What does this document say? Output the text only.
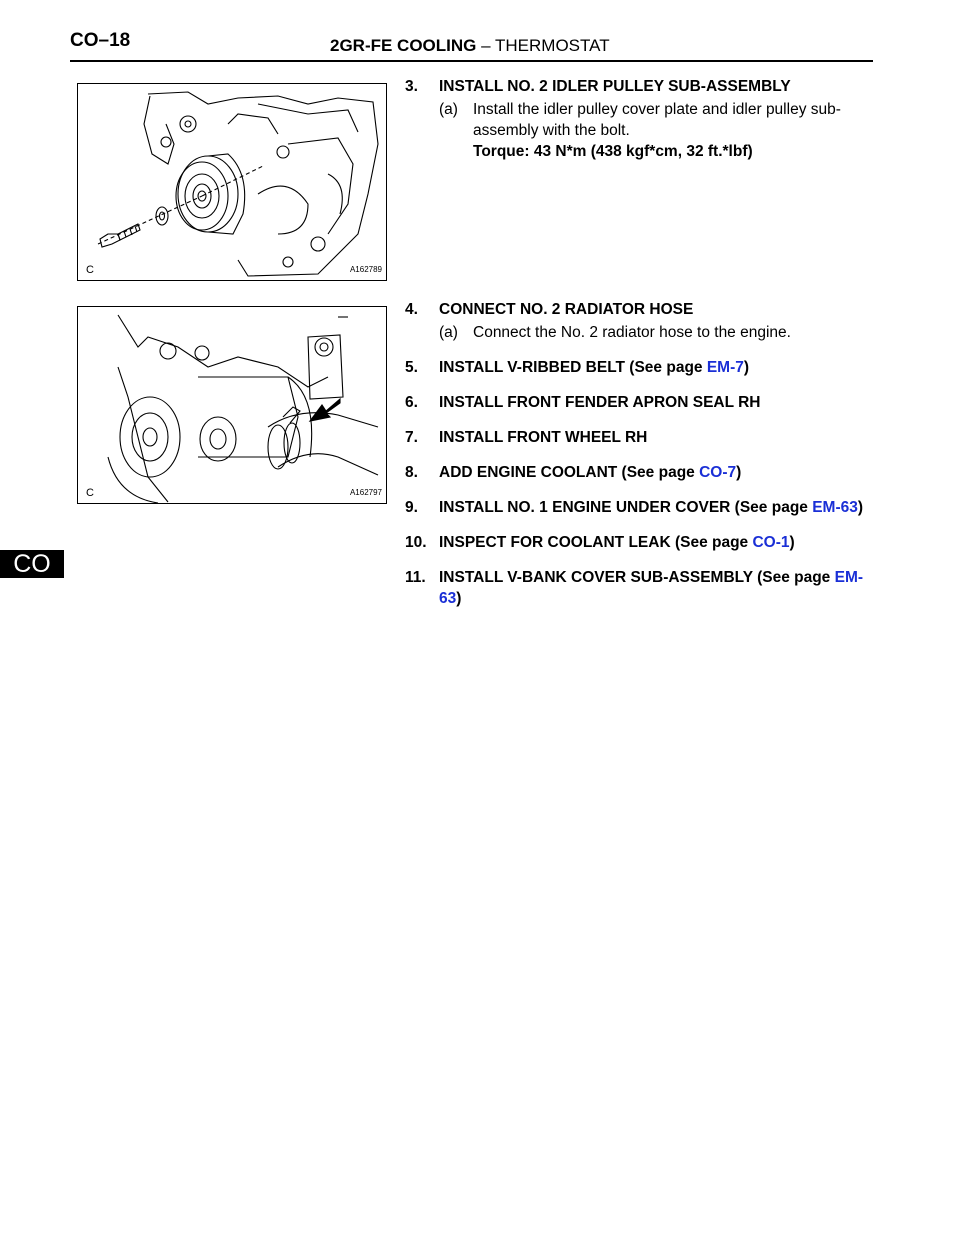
CO–18	2GR-FE COOLING – THERMOSTAT
CO
C	A162789
C	A162797
3. INSTALL NO. 2 IDLER PULLEY SUB-ASSEMBLY
(a) Install the idler pulley cover plate and idler pulley sub-assembly with the bolt.
Torque: 43 N*m (438 kgf*cm, 32 ft.*lbf)
4. CONNECT NO. 2 RADIATOR HOSE
(a) Connect the No. 2 radiator hose to the engine.
5. INSTALL V-RIBBED BELT (See page EM-7)
6. INSTALL FRONT FENDER APRON SEAL RH
7. INSTALL FRONT WHEEL RH
8. ADD ENGINE COOLANT (See page CO-7)
9. INSTALL NO. 1 ENGINE UNDER COVER (See page EM-63)
10. INSPECT FOR COOLANT LEAK (See page CO-1)
11. INSTALL V-BANK COVER SUB-ASSEMBLY (See page EM-63)
